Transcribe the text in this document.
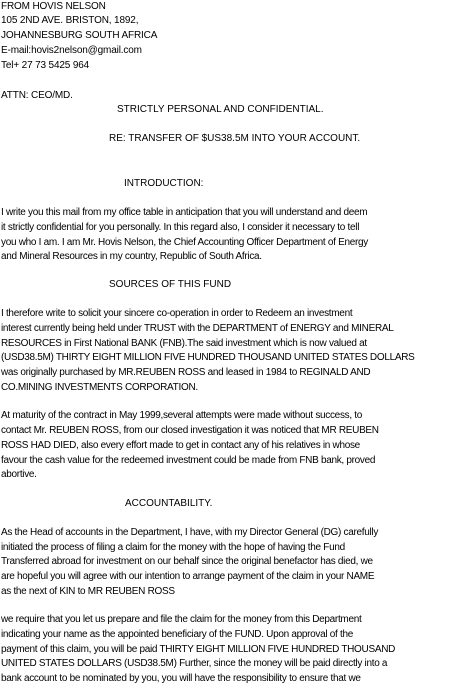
FROM HOVIS NELSON
105 2ND AVE. BRISTON, 1892,
JOHANNESBURG SOUTH AFRICA
E-mail:hovis2nelson@gmail.com
Tel+ 27 73 5425 964
ATTN: CEO/MD.
STRICTLY PERSONAL AND CONFIDENTIAL.
RE: TRANSFER OF $US38.5M INTO YOUR ACCOUNT.
INTRODUCTION:
I write you this mail from my office table in anticipation that you will understand and deem
it strictly confidential for you personally. In this regard also, I consider it necessary to tell
you who I am. I am Mr. Hovis Nelson, the Chief Accounting Officer Department of Energy
and Mineral Resources in my country, Republic of South Africa.
SOURCES OF THIS FUND
I therefore write to solicit your sincere co-operation in order to Redeem an investment
interest currently being held under TRUST with the DEPARTMENT of ENERGY and MINERAL
RESOURCES in First National BANK (FNB).The said investment which is now valued at
(USD38.5M) THIRTY EIGHT MILLION FIVE HUNDRED THOUSAND UNITED STATES DOLLARS
was originally purchased by MR.REUBEN ROSS and leased in 1984 to REGINALD AND
CO.MINING INVESTMENTS CORPORATION.
At maturity of the contract in May 1999,several attempts were made without success, to
contact Mr. REUBEN ROSS, from our closed investigation it was noticed that MR REUBEN
ROSS HAD DIED, also every effort made to get in contact any of his relatives in whose
favour the cash value for the redeemed investment could be made from FNB bank, proved
abortive.
ACCOUNTABILITY.
As the Head of accounts in the Department, I have, with my Director General (DG) carefully
initiated the process of filing a claim for the money with the hope of having the Fund
Transferred abroad for investment on our behalf since the original benefactor has died, we
are hopeful you will agree with our intention to arrange payment of the claim in your NAME
as the next of KIN to MR REUBEN ROSS
we require that you let us prepare and file the claim for the money from this Department
indicating your name as the appointed beneficiary of the FUND. Upon approval of the
payment of this claim, you will be paid THIRTY EIGHT MILLION FIVE HUNDRED THOUSAND
UNITED STATES DOLLARS (USD38.5M) Further, since the money will be paid directly into a
bank account to be nominated by you, you will have the responsibility to ensure that we
